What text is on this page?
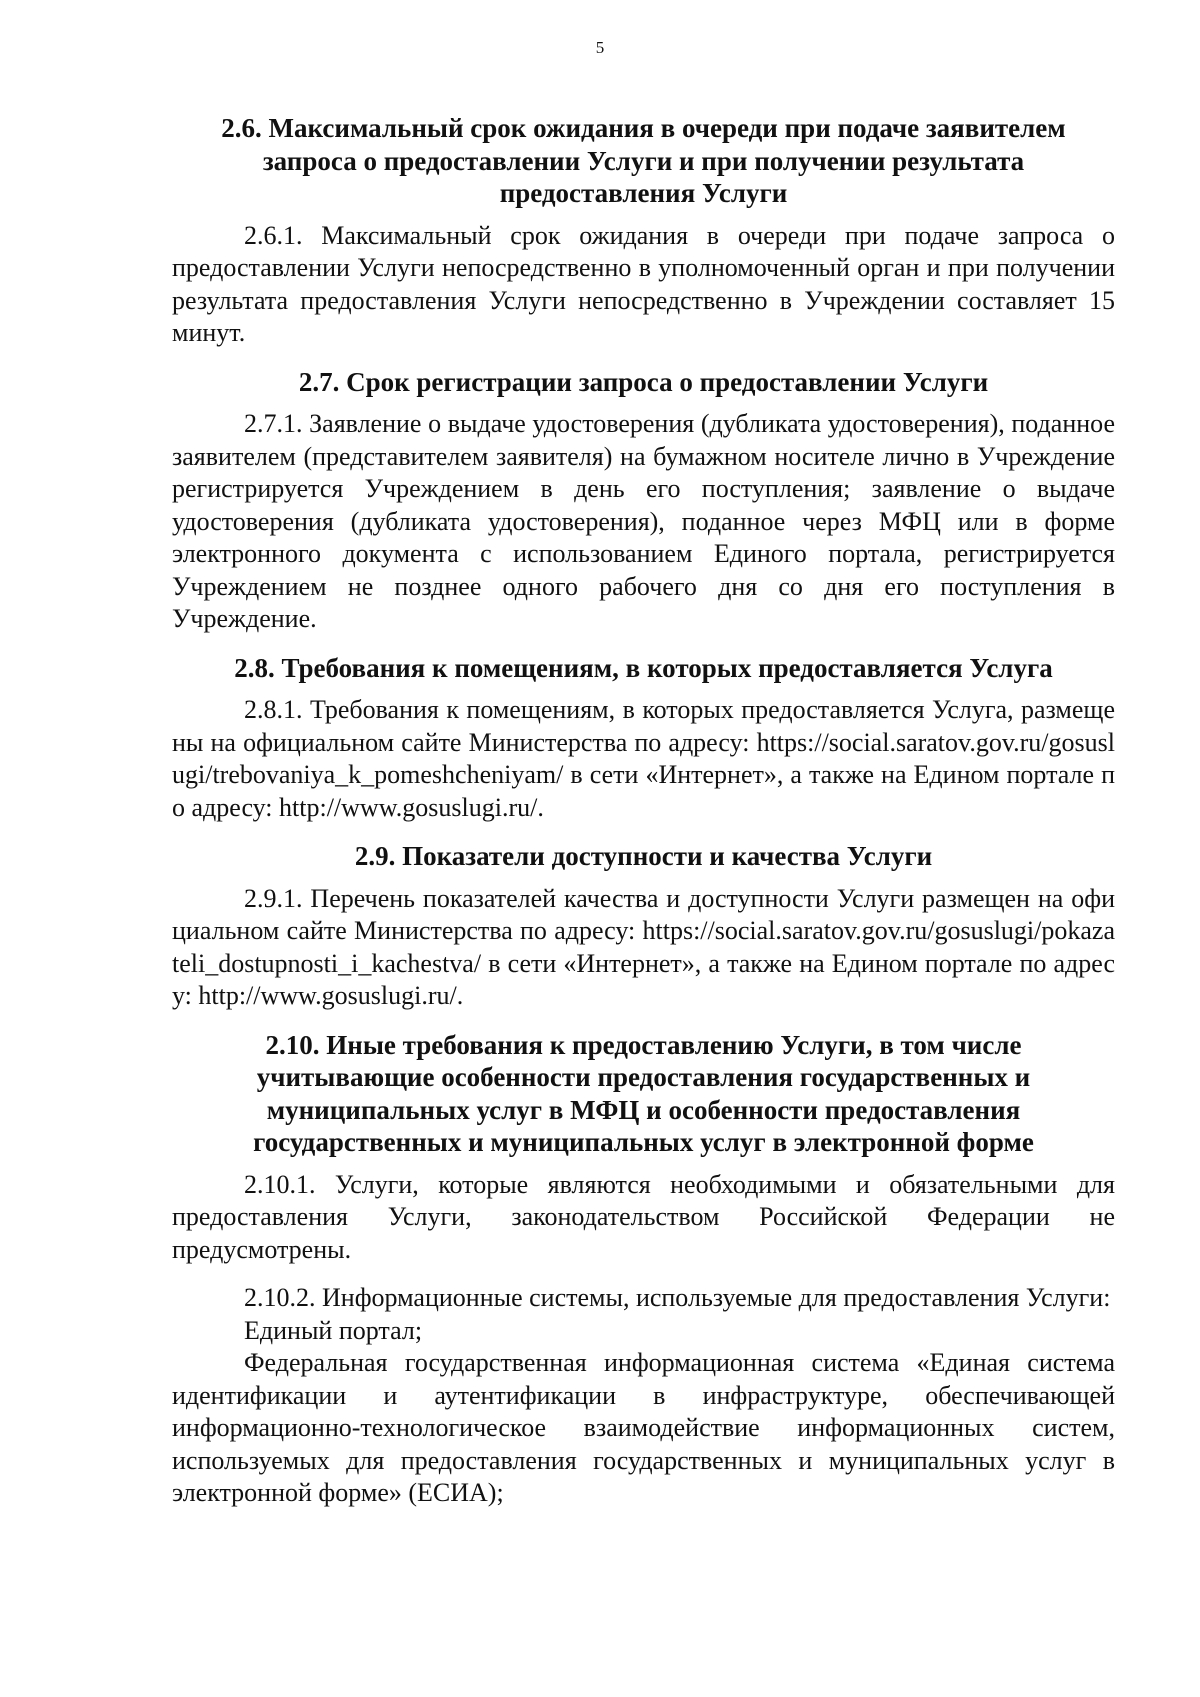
5
2.6. Максимальный срок ожидания в очереди при подаче заявителем
запроса о предоставлении Услуги и при получении результата
предоставления Услуги

2.6.1. Максимальный срок ожидания в очереди при подаче запроса о предоставлении Услуги непосредственно в уполномоченный орган и при получении результата предоставления Услуги непосредственно в Учреждении составляет 15 минут.

2.7. Срок регистрации запроса о предоставлении Услуги

2.7.1. Заявление о выдаче удостоверения (дубликата удостоверения), поданное заявителем (представителем заявителя) на бумажном носителе лично в Учреждение регистрируется Учреждением в день его поступления; заявление о выдаче удостоверения (дубликата удостоверения), поданное через МФЦ или в форме электронного документа с использованием Единого портала, регистрируется Учреждением не позднее одного рабочего дня со дня его поступления в Учреждение.

2.8. Требования к помещениям, в которых предоставляется Услуга

2.8.1. Требования к помещениям, в которых предоставляется Услуга, размещены на официальном сайте Министерства по адресу: https://social.saratov.gov.ru/gosuslugi/trebovaniya_k_pomeshcheniyam/ в сети «Интернет», а также на Едином портале по адресу: http://www.gosuslugi.ru/.

2.9. Показатели доступности и качества Услуги

2.9.1. Перечень показателей качества и доступности Услуги размещен на официальном сайте Министерства по адресу: https://social.saratov.gov.ru/gosuslugi/pokazateli_dostupnosti_i_kachestva/ в сети «Интернет», а также на Едином портале по адресу: http://www.gosuslugi.ru/.

2.10. Иные требования к предоставлению Услуги, в том числе
учитывающие особенности предоставления государственных и
муниципальных услуг в МФЦ и особенности предоставления
государственных и муниципальных услуг в электронной форме

2.10.1. Услуги, которые являются необходимыми и обязательными для предоставления Услуги, законодательством Российской Федерации не предусмотрены.

2.10.2. Информационные системы, используемые для предоставления Услуги:

Единый портал;

Федеральная государственная информационная система «Единая система идентификации и аутентификации в инфраструктуре, обеспечивающей информационно-технологическое взаимодействие информационных систем, используемых для предоставления государственных и муниципальных услуг в электронной форме» (ЕСИА);
